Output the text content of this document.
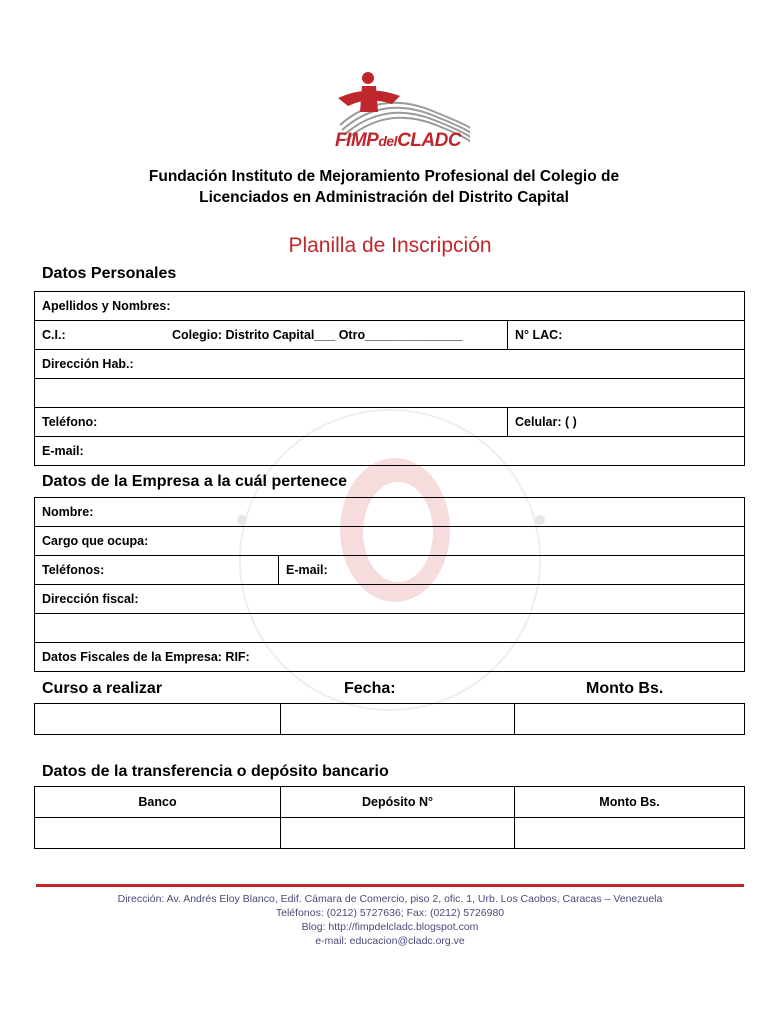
FIMPdelCLADC
Fundación Instituto de Mejoramiento Profesional del Colegio de
Licenciados en Administración del Distrito Capital
Planilla de Inscripción
Datos Personales
Apellidos y Nombres:		
C.I.:	Colegio: Distrito Capital___ Otro______________	N° LAC:
Dirección Hab.:		

Teléfono:		Celular: ( )
E-mail:		
Datos de la Empresa a la cuál pertenece
Nombre:
Cargo que ocupa:
Teléfonos:	E-mail:
Dirección fiscal:

Datos Fiscales de la Empresa: RIF:
Curso a realizar	Fecha:	Monto Bs.

Datos de la transferencia o depósito bancario
Banco	Depósito N°	Monto Bs.

Dirección: Av. Andrés Eloy Blanco, Edif. Cámara de Comercio, piso 2, ofic. 1, Urb. Los Caobos, Caracas – Venezuela
Teléfonos: (0212) 5727636; Fax: (0212) 5726980
Blog: http://fimpdelcladc.blogspot.com
e-mail: educacion@cladc.org.ve
